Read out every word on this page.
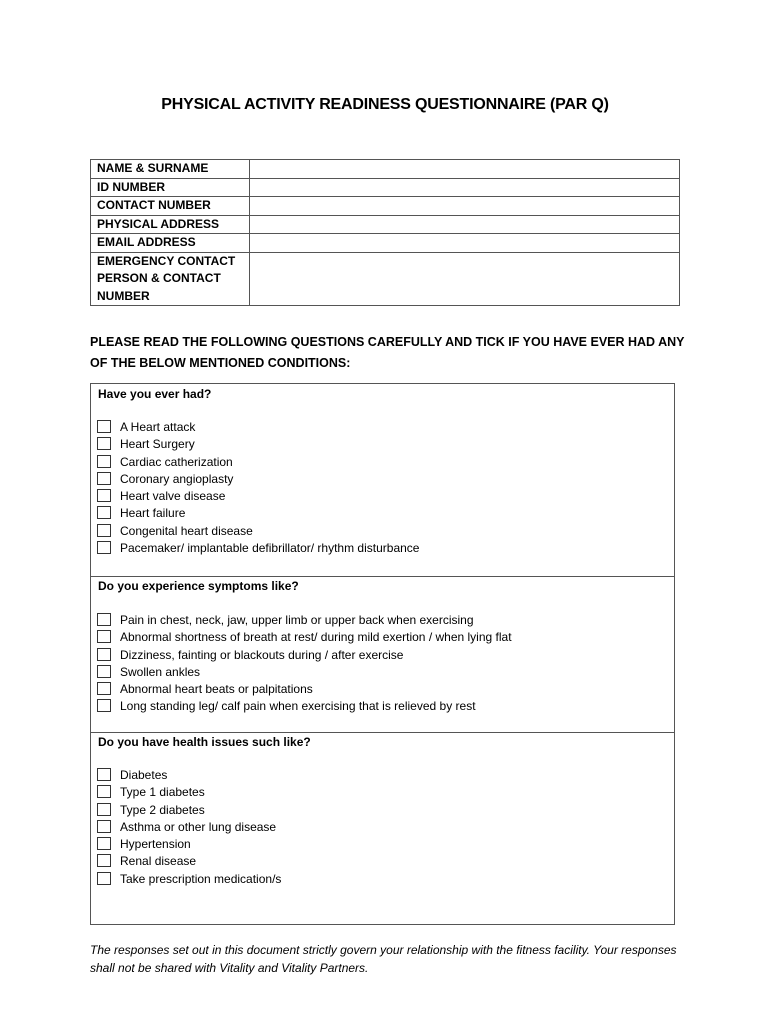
PHYSICAL ACTIVITY READINESS QUESTIONNAIRE (PAR Q)
NAME & SURNAME	
ID NUMBER	
CONTACT NUMBER	
PHYSICAL ADDRESS	
EMAIL ADDRESS	
EMERGENCY CONTACT PERSON & CONTACT NUMBER	
PLEASE READ THE FOLLOWING QUESTIONS CAREFULLY AND TICK IF YOU HAVE EVER HAD ANY OF THE BELOW MENTIONED CONDITIONS:
Have you ever had?
A Heart attack
Heart Surgery
Cardiac catherization
Coronary angioplasty
Heart valve disease
Heart failure
Congenital heart disease
Pacemaker/ implantable defibrillator/ rhythm disturbance
Do you experience symptoms like?
Pain in chest, neck, jaw, upper limb or upper back when exercising
Abnormal shortness of breath at rest/ during mild exertion / when lying flat
Dizziness, fainting or blackouts during / after exercise
Swollen ankles
Abnormal heart beats or palpitations
Long standing leg/ calf pain when exercising that is relieved by rest
Do you have health issues such like?
Diabetes
Type 1 diabetes
Type 2 diabetes
Asthma or other lung disease
Hypertension
Renal disease
Take prescription medication/s
The responses set out in this document strictly govern your relationship with the fitness facility. Your responses shall not be shared with Vitality and Vitality Partners.
